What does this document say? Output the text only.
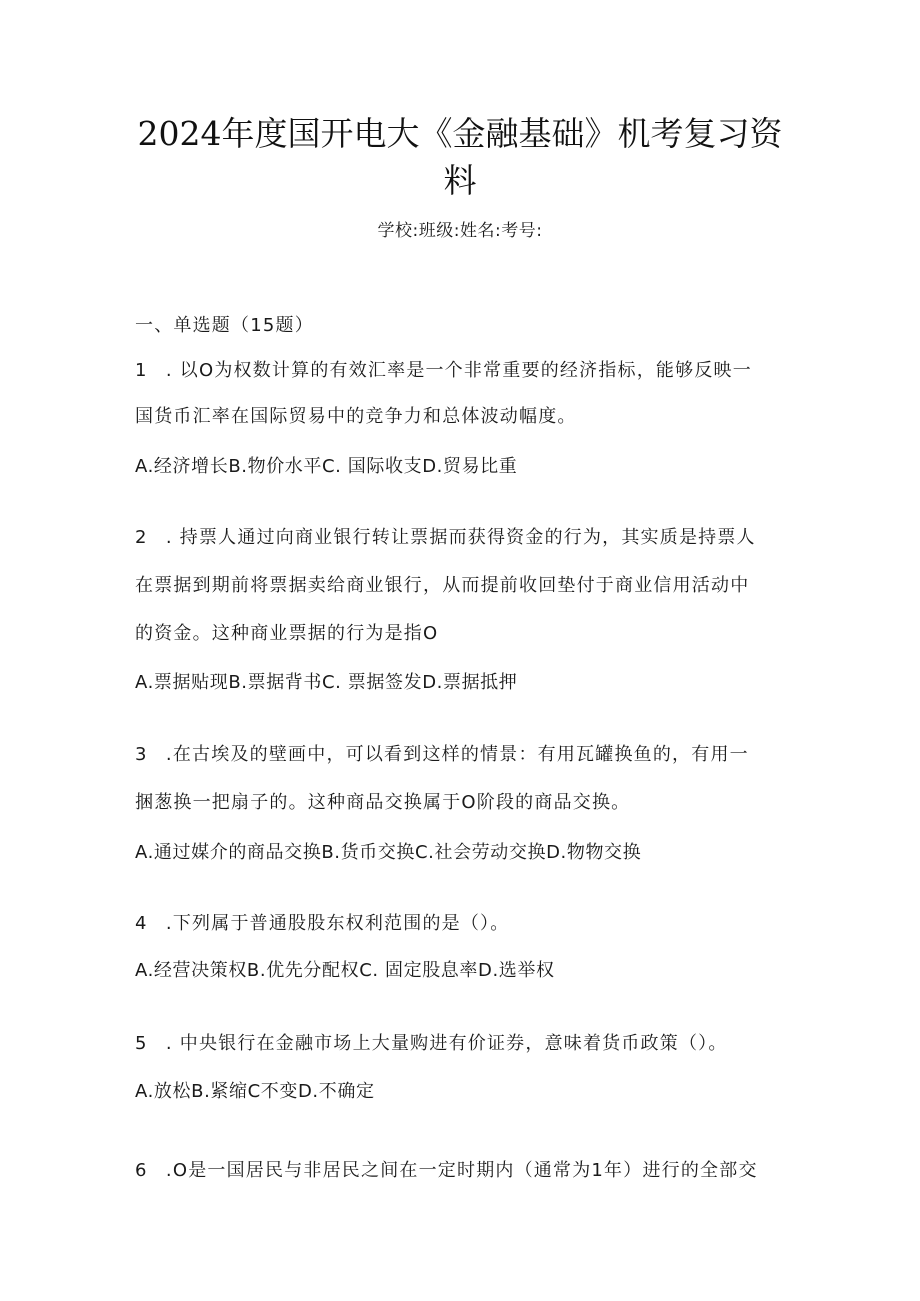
2024年度国开电大《金融基础》机考复习资
料
学校:班级:姓名:考号:
一、单选题（15题）
1 . 以O为权数计算的有效汇率是一个非常重要的经济指标，能够反映一
国货币汇率在国际贸易中的竞争力和总体波动幅度。
A.经济增长B.物价水平C. 国际收支D.贸易比重
2 . 持票人通过向商业银行转让票据而获得资金的行为，其实质是持票人
在票据到期前将票据卖给商业银行，从而提前收回垫付于商业信用活动中
的资金。这种商业票据的行为是指O
A.票据贴现B.票据背书C. 票据签发D.票据抵押
3 .在古埃及的壁画中，可以看到这样的情景：有用瓦罐换鱼的，有用一
捆葱换一把扇子的。这种商品交换属于O阶段的商品交换。
A.通过媒介的商品交换B.货币交换C.社会劳动交换D.物物交换
4 .下列属于普通股股东权利范围的是（）。
A.经营决策权B.优先分配权C. 固定股息率D.选举权
5 . 中央银行在金融市场上大量购进有价证券，意味着货币政策（）。
A.放松B.紧缩C不变D.不确定
6 .O是一国居民与非居民之间在一定时期内（通常为1年）进行的全部交
